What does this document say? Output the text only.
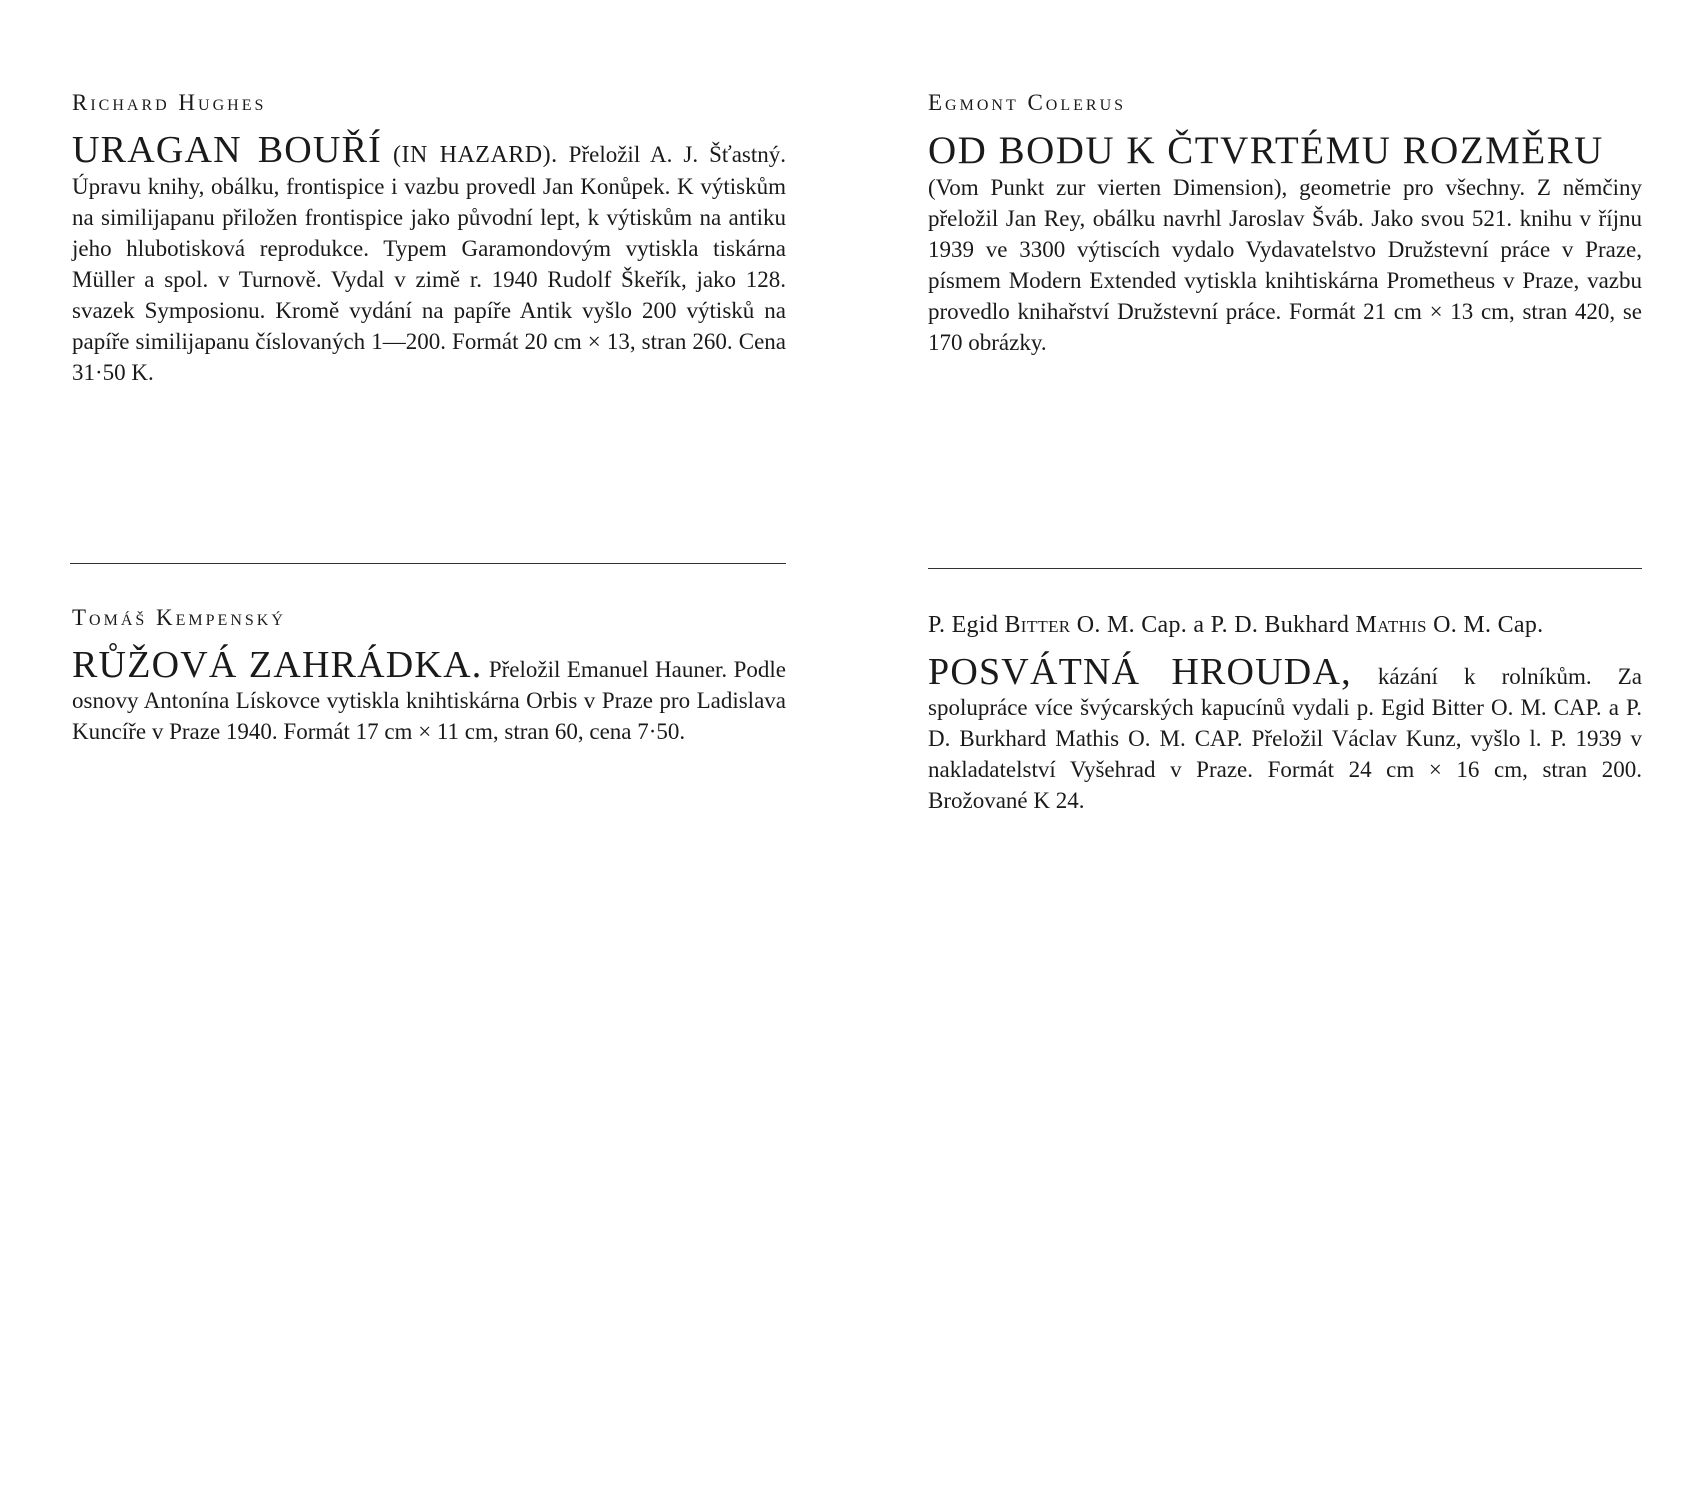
Richard Hughes

URAGAN BOUŘÍ (IN HAZARD). Přeložil A. J. Šťastný. Úpravu knihy, obálku, frontispice i vazbu provedl Jan Konůpek. K výtiskům na similijapanu přiložen frontispice jako původní lept, k výtiskům na antiku jeho hlubotisková reprodukce. Typem Garamondovým vytiskla tiskárna Müller a spol. v Turnově. Vydal v zimě r. 1940 Rudolf Škeřík, jako 128. svazek Symposionu. Kromě vydání na papíře Antik vyšlo 200 výtisků na papíře similijapanu číslovaných 1—200. Formát 20 cm × 13, stran 260. Cena 31·50 K.

Egmont Colerus

OD BODU K ČTVRTÉMU ROZMĚRU
(Vom Punkt zur vierten Dimension), geometrie pro všechny. Z němčiny přeložil Jan Rey, obálku navrhl Jaroslav Šváb. Jako svou 521. knihu v říjnu 1939 ve 3300 výtiscích vydalo Vydavatelstvo Družstevní práce v Praze, písmem Modern Extended vytiskla knihtiskárna Prometheus v Praze, vazbu provedlo knihařství Družstevní práce. Formát 21 cm × 13 cm, stran 420, se 170 obrázky.

Tomáš Kempenský

RŮŽOVÁ ZAHRÁDKA. Přeložil Emanuel Hauner. Podle osnovy Antonína Lískovce vytiskla knihtiskárna Orbis v Praze pro Ladislava Kuncíře v Praze 1940. Formát 17 cm × 11 cm, stran 60, cena 7·50.

P. Egid Bitter O. M. Cap. a P. D. Bukhard Mathis O. M. Cap.

POSVÁTNÁ HROUDA, kázání k rolníkům. Za spolupráce více švýcarských kapucínů vydali p. Egid Bitter O. M. CAP. a P. D. Burkhard Mathis O. M. CAP. Přeložil Václav Kunz, vyšlo l. P. 1939 v nakladatelství Vyšehrad v Praze. Formát 24 cm × 16 cm, stran 200. Brožované K 24.
